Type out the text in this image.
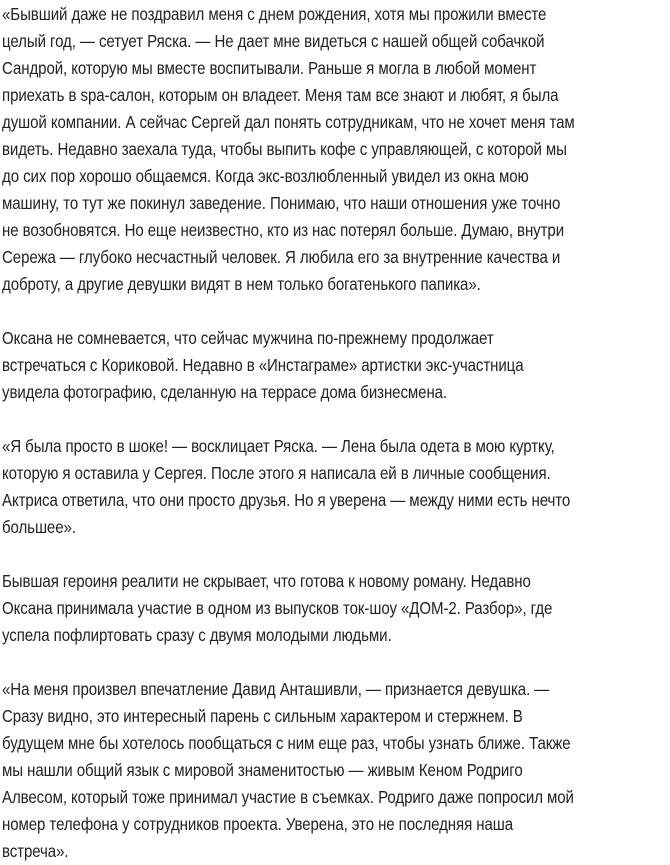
«Бывший даже не поздравил меня с днем рождения, хотя мы прожили вместе
целый год, — сетует Ряска. — Не дает мне видеться с нашей общей собачкой
Сандрой, которую мы вместе воспитывали. Раньше я могла в любой момент
приехать в spa-салон, которым он владеет. Меня там все знают и любят, я была
душой компании. А сейчас Сергей дал понять сотрудникам, что не хочет меня там
видеть. Недавно заехала туда, чтобы выпить кофе с управляющей, с которой мы
до сих пор хорошо общаемся. Когда экс-возлюбленный увидел из окна мою
машину, то тут же покинул заведение. Понимаю, что наши отношения уже точно
не возобновятся. Но еще неизвестно, кто из нас потерял больше. Думаю, внутри
Сережа — глубоко несчастный человек. Я любила его за внутренние качества и
доброту, а другие девушки видят в нем только богатенького папика».
Оксана не сомневается, что сейчас мужчина по-прежнему продолжает
встречаться с Кориковой. Недавно в «Инстаграме» артистки экс-участница
увидела фотографию, сделанную на террасе дома бизнесмена.
«Я была просто в шоке! — восклицает Ряска. — Лена была одета в мою куртку,
которую я оставила у Сергея. После этого я написала ей в личные сообщения.
Актриса ответила, что они просто друзья. Но я уверена — между ними есть нечто
большее».
Бывшая героиня реалити не скрывает, что готова к новому роману. Недавно
Оксана принимала участие в одном из выпусков ток-шоу «ДОМ-2. Разбор», где
успела пофлиртовать сразу с двумя молодыми людьми.
«На меня произвел впечатление Давид Анташивли, — признается девушка. —
Сразу видно, это интересный парень с сильным характером и стержнем. В
будущем мне бы хотелось пообщаться с ним еще раз, чтобы узнать ближе. Также
мы нашли общий язык с мировой знаменитостью — живым Кеном Родриго
Алвесом, который тоже принимал участие в съемках. Родриго даже попросил мой
номер телефона у сотрудников проекта. Уверена, это не последняя наша
встреча».
